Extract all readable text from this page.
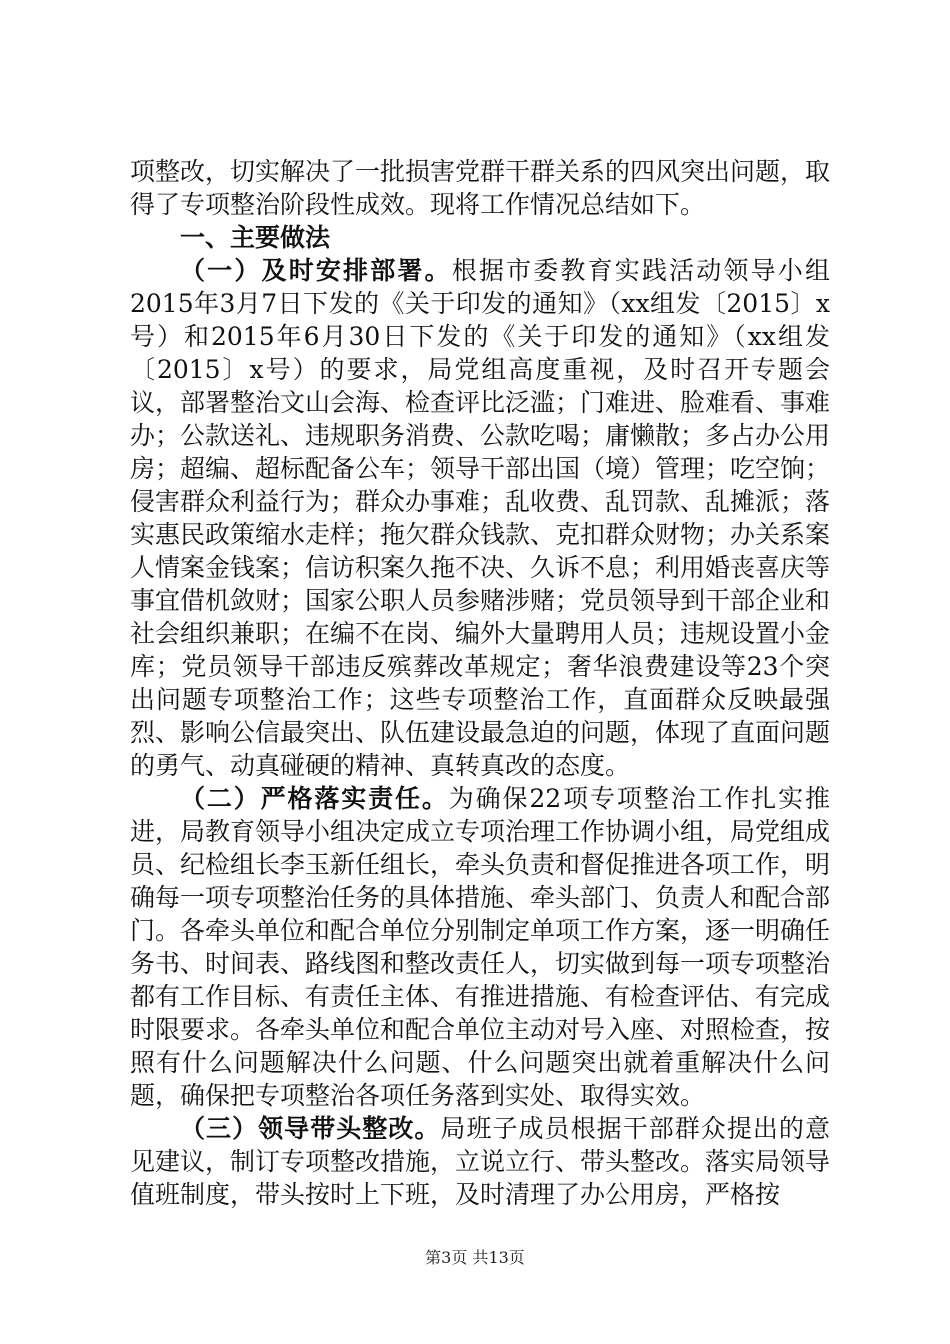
项整改，切实解决了一批损害党群干群关系的四风突出问题，取得了专项整治阶段性成效。现将工作情况总结如下。

一、主要做法

（一）及时安排部署。根据市委教育实践活动领导小组2015年3月7日下发的《关于印发的通知》（xx组发〔2015〕x号）和2015年6月30日下发的《关于印发的通知》（xx组发〔2015〕x号）的要求，局党组高度重视，及时召开专题会议，部署整治文山会海、检查评比泛滥；门难进、脸难看、事难办；公款送礼、违规职务消费、公款吃喝；庸懒散；多占办公用房；超编、超标配备公车；领导干部出国（境）管理；吃空饷；侵害群众利益行为；群众办事难；乱收费、乱罚款、乱摊派；落实惠民政策缩水走样；拖欠群众钱款、克扣群众财物；办关系案人情案金钱案；信访积案久拖不决、久诉不息；利用婚丧喜庆等事宜借机敛财；国家公职人员参赌涉赌；党员领导到干部企业和社会组织兼职；在编不在岗、编外大量聘用人员；违规设置小金库；党员领导干部违反殡葬改革规定；奢华浪费建设等23个突出问题专项整治工作；这些专项整治工作，直面群众反映最强烈、影响公信最突出、队伍建设最急迫的问题，体现了直面问题的勇气、动真碰硬的精神、真转真改的态度。

（二）严格落实责任。为确保22项专项整治工作扎实推进，局教育领导小组决定成立专项治理工作协调小组，局党组成员、纪检组长李玉新任组长，牵头负责和督促推进各项工作，明确每一项专项整治任务的具体措施、牵头部门、负责人和配合部门。各牵头单位和配合单位分别制定单项工作方案，逐一明确任务书、时间表、路线图和整改责任人，切实做到每一项专项整治都有工作目标、有责任主体、有推进措施、有检查评估、有完成时限要求。各牵头单位和配合单位主动对号入座、对照检查，按照有什么问题解决什么问题、什么问题突出就着重解决什么问题，确保把专项整治各项任务落到实处、取得实效。

（三）领导带头整改。局班子成员根据干部群众提出的意见建议，制订专项整改措施，立说立行、带头整改。落实局领导值班制度，带头按时上下班，及时清理了办公用房，严格按

第3页 共13页
